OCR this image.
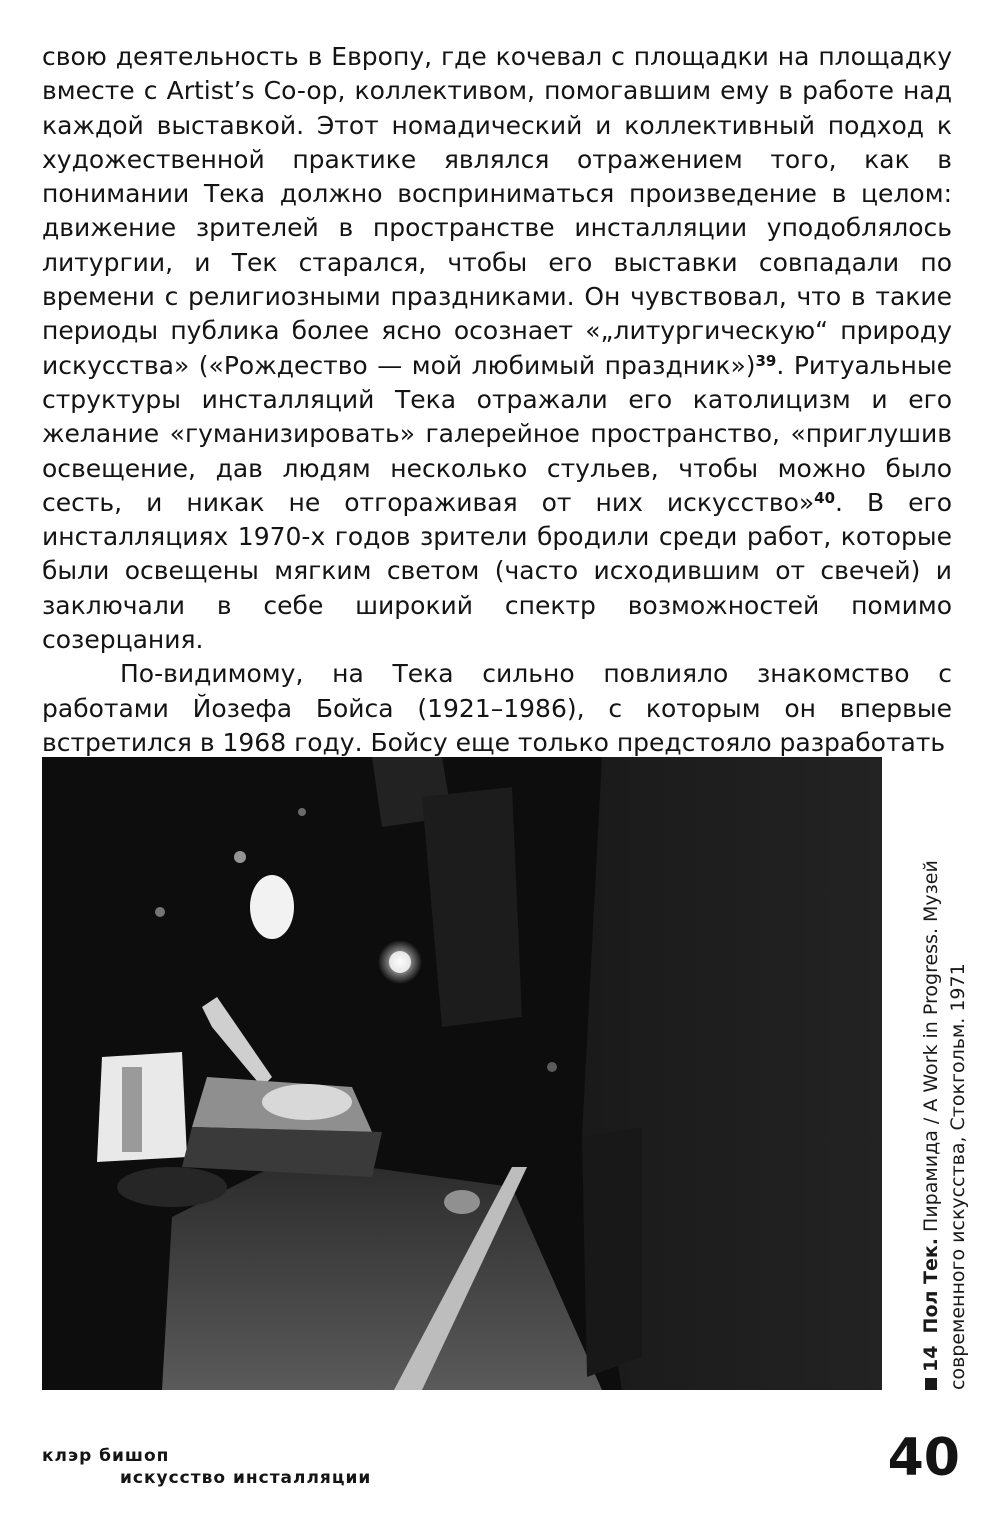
свою деятельность в Европу, где кочевал с площадки на площадку вместе с Artist’s Co-op, коллективом, помогавшим ему в работе над каждой выставкой. Этот номадический и коллективный подход к художественной практике являлся отражением того, как в понимании Тека должно восприниматься произведение в целом: движение зрителей в пространстве инсталляции уподоблялось литургии, и Тек старался, чтобы его выставки совпадали по времени с религиозными праздниками. Он чувствовал, что в такие периоды публика более ясно осознает «„литургическую“ природу искусства» («Рождество — мой любимый праздник»)$^{39}$. Ритуальные структуры инсталляций Тека отражали его католицизм и его желание «гуманизировать» галерейное пространство, «приглушив освещение, дав людям несколько стульев, чтобы можно было сесть, и никак не отгораживая от них искусство»$^{40}$. В его инсталляциях 1970-х годов зрители бродили среди работ, которые были освещены мягким светом (часто исходившим от свечей) и заключали в себе широкий спектр возможностей помимо созерцания.

По-видимому, на Тека сильно повлияло знакомство с работами Йозефа Бойса (1921–1986), с которым он впервые встретился в 1968 году. Бойсу еще только предстояло разработать

14  Пол Тек. Пирамида / A Work in Progress. Музей современного искусства, Стокгольм. 1971
клэр бишоп
искусство инсталляции	40
